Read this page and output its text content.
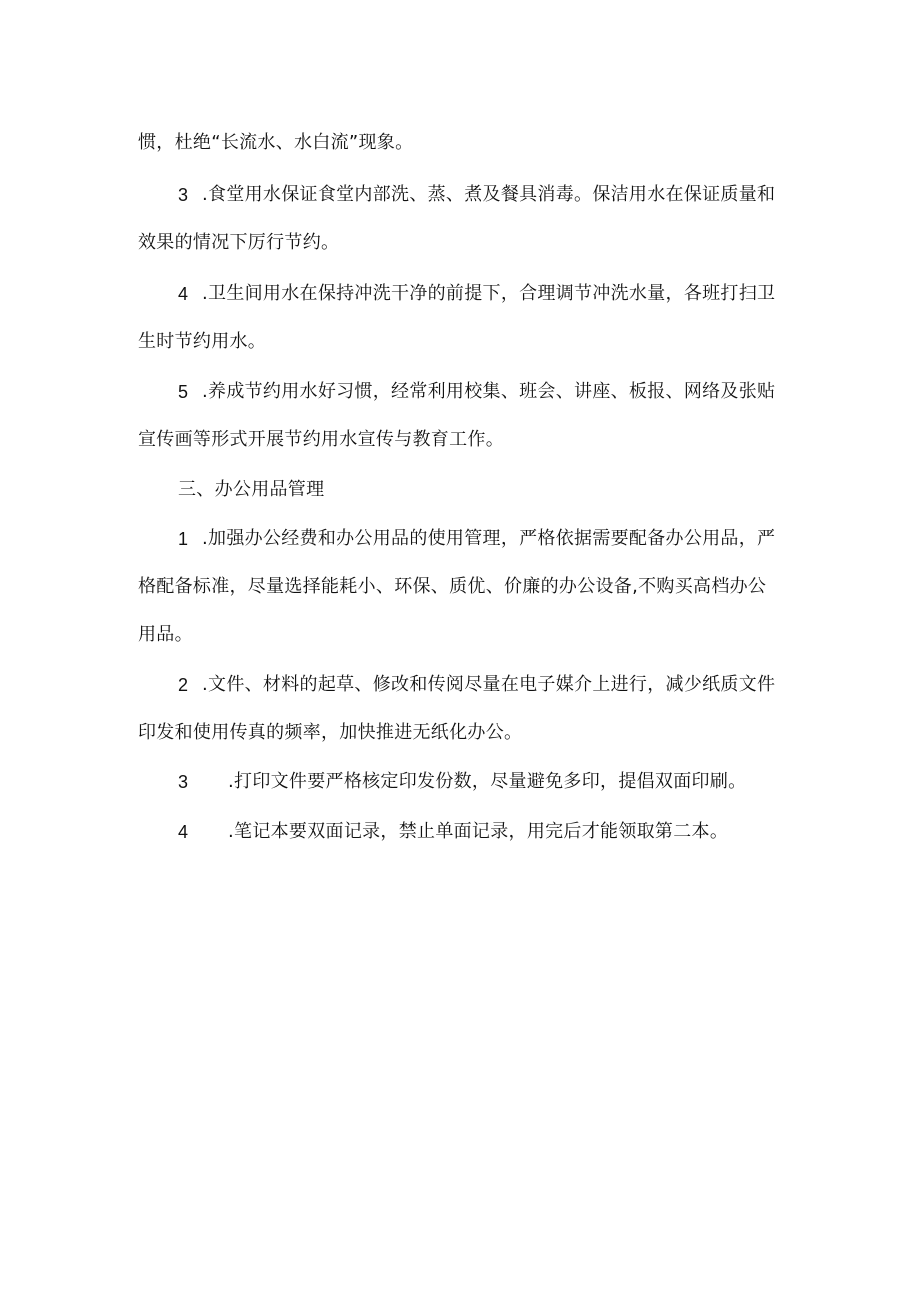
惯，杜绝“长流水、水白流”现象。
3 .食堂用水保证食堂内部洗、蒸、煮及餐具消毒。保洁用水在保证质量和
效果的情况下厉行节约。
4 .卫生间用水在保持冲洗干净的前提下，合理调节冲洗水量，各班打扫卫
生时节约用水。
5 .养成节约用水好习惯，经常利用校集、班会、讲座、板报、网络及张贴
宣传画等形式开展节约用水宣传与教育工作。
三、办公用品管理
1 .加强办公经费和办公用品的使用管理，严格依据需要配备办公用品，严
格配备标准，尽量选择能耗小、环保、质优、价廉的办公设备,不购买高档办公
用品。
2 .文件、材料的起草、修改和传阅尽量在电子媒介上进行，减少纸质文件
印发和使用传真的频率，加快推进无纸化办公。
3 .打印文件要严格核定印发份数，尽量避免多印，提倡双面印刷。
4 .笔记本要双面记录，禁止单面记录，用完后才能领取第二本。
